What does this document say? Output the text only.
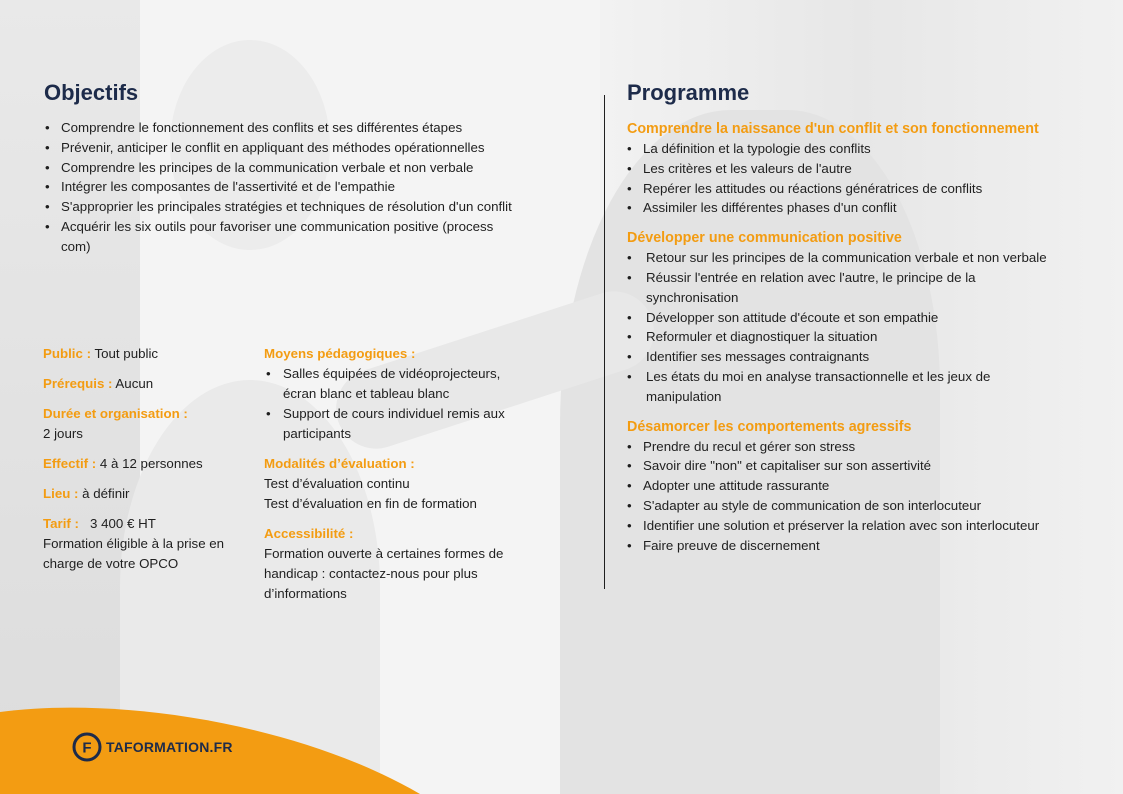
Objectifs
• Comprendre le fonctionnement des conflits et ses différentes étapes
• Prévenir, anticiper le conflit en appliquant des méthodes opérationnelles
• Comprendre les principes de la communication verbale et non verbale
• Intégrer les composantes de l'assertivité et de l'empathie
• S'approprier les principales stratégies et techniques de résolution d'un conflit
• Acquérir les six outils pour favoriser une communication positive (process com)
Public : Tout public
Prérequis : Aucun
Durée et organisation :
2 jours
Effectif : 4 à 12 personnes
Lieu : à définir
Tarif :   3 400 € HT
Formation éligible à la prise en charge de votre OPCO
Moyens pédagogiques :
• Salles équipées de vidéoprojecteurs, écran blanc et tableau blanc
• Support de cours individuel remis aux participants
Modalités d’évaluation :
Test d’évaluation continu
Test d’évaluation en fin de formation
Accessibilité :
Formation ouverte à certaines formes de handicap : contactez-nous pour plus d’informations
Programme
Comprendre la naissance d'un conflit et son fonctionnement
• La définition et la typologie des conflits
• Les critères et les valeurs de l'autre
• Repérer les attitudes ou réactions génératrices de conflits
• Assimiler les différentes phases d'un conflit
Développer une communication positive
• Retour sur les principes de la communication verbale et non verbale
• Réussir l'entrée en relation avec l'autre, le principe de la synchronisation
• Développer son attitude d'écoute et son empathie
• Reformuler et diagnostiquer la situation
• Identifier ses messages contraignants
• Les états du moi en analyse transactionnelle et les jeux de manipulation
Désamorcer les comportements agressifs
• Prendre du recul et gérer son stress
• Savoir dire "non" et capitaliser sur son assertivité
• Adopter une attitude rassurante
• S'adapter au style de communication de son interlocuteur
• Identifier une solution et préserver la relation avec son interlocuteur
• Faire preuve de discernement
F TAFORMATION.FR
